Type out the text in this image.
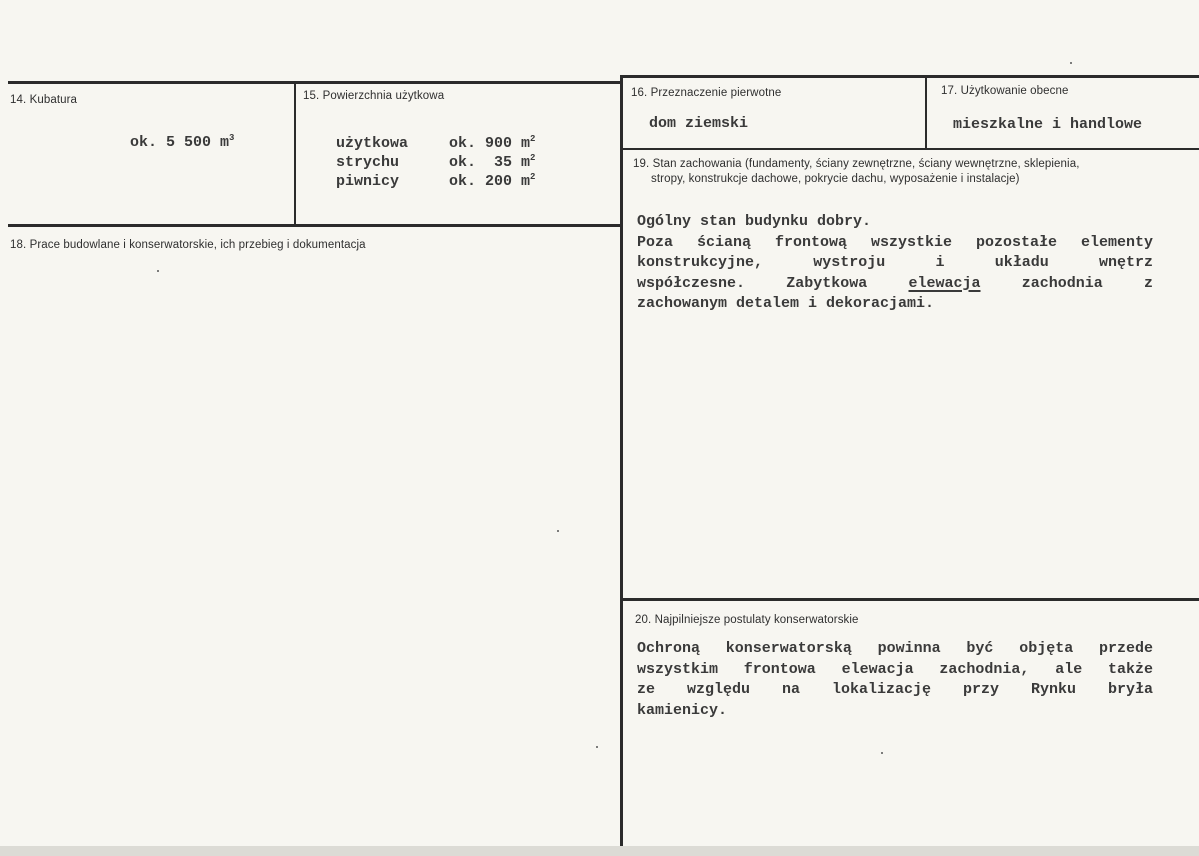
14. Kubatura
ok. 5 500 $m^3$
15. Powierzchnia użytkowa
użytkowa	ok. 900 $m^2$
strychu	ok.  35 $m^2$
piwnicy	ok. 200 $m^2$
16. Przeznaczenie pierwotne
dom ziemski
17. Użytkowanie obecne
mieszkalne i handlowe
18. Prace budowlane i konserwatorskie, ich przebieg i dokumentacja
19. Stan zachowania (fundamenty, ściany zewnętrzne, ściany wewnętrzne, sklepienia,
stropy, konstrukcje dachowe, pokrycie dachu, wyposażenie i instalacje)
Ogólny stan budynku dobry.
Poza ścianą frontową wszystkie pozostałe elementy
konstrukcyjne, wystroju i układu wnętrz
współczesne. Zabytkowa elewacja zachodnia z
zachowanym detalem i dekoracjami.
20. Najpilniejsze postulaty konserwatorskie
Ochroną konserwatorską powinna być objęta przede
wszystkim frontowa elewacja zachodnia, ale także
ze względu na lokalizację przy Rynku bryła
kamienicy.
